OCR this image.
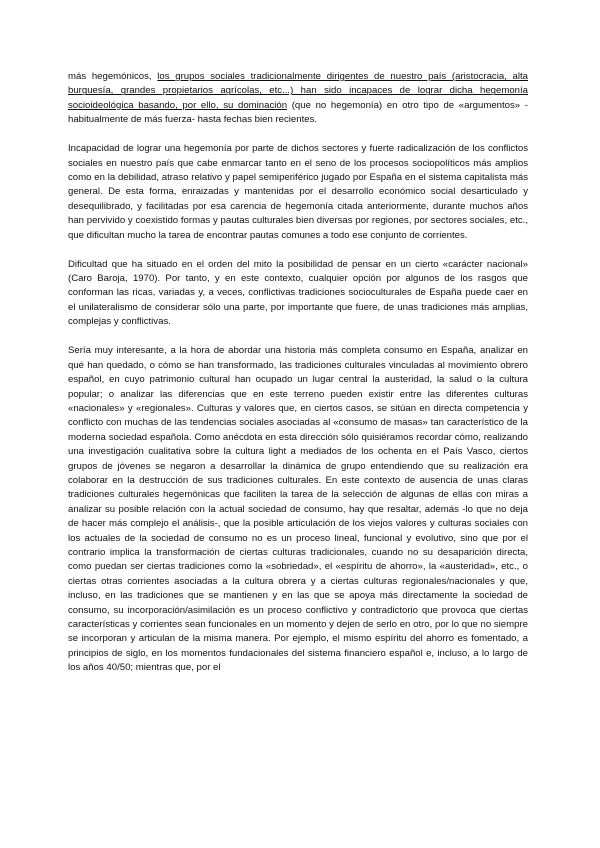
más hegemónicos, los grupos sociales tradicionalmente dirigentes de nuestro país (aristocracia, alta burguesía, grandes propietarios agrícolas, etc...) han sido incapaces de lograr dicha hegemonía socioideológica basando, por ello, su dominación (que no hegemonía) en otro tipo de «argumentos» -habitualmente de más fuerza- hasta fechas bien recientes.

Incapacidad de lograr una hegemonía por parte de dichos sectores y fuerte radicalización de los conflictos sociales en nuestro país que cabe enmarcar tanto en el seno de los procesos sociopolíticos más amplios como en la debilidad, atraso relativo y papel semiperiférico jugado por España en el sistema capitalista más general. De esta forma, enraizadas y mantenidas por el desarrollo económico social desarticulado y desequilibrado, y facilitadas por esa carencia de hegemonía citada anteriormente, durante muchos años han pervivido y coexistido formas y pautas culturales bien diversas por regiones, por sectores sociales, etc., que dificultan mucho la tarea de encontrar pautas comunes a todo ese conjunto de corrientes.

Dificultad que ha situado en el orden del mito la posibilidad de pensar en un cierto «carácter nacional» (Caro Baroja, 1970). Por tanto, y en este contexto, cualquier opción por algunos de los rasgos que conforman las ricas, variadas y, a veces, conflictivas tradiciones socioculturales de España puede caer en el unilateralismo de considerar sólo una parte, por importante que fuere, de unas tradiciones más amplias, complejas y conflictivas.

Sería muy interesante, a la hora de abordar una historia más completa consumo en España, analizar en qué han quedado, o cómo se han transformado, las tradiciones culturales vinculadas al movimiento obrero español, en cuyo patrimonio cultural han ocupado un lugar central la austeridad, la salud o la cultura popular; o analizar las diferencias que en este terreno pueden existir entre las diferentes culturas «nacionales» y «regionales». Culturas y valores que, en ciertos casos, se sitúan en directa competencia y conflicto con muchas de las tendencias sociales asociadas al «consumo de masas» tan característico de la moderna sociedad española. Como anécdota en esta dirección sólo quisiéramos recordar cómo, realizando una investigación cualitativa sobre la cultura light a mediados de los ochenta en el País Vasco, ciertos grupos de jóvenes se negaron a desarrollar la dinámica de grupo entendiendo que su realización era colaborar en la destrucción de sus tradiciones culturales. En este contexto de ausencia de unas claras tradiciones culturales hegemónicas que faciliten la tarea de la selección de algunas de ellas con miras a analizar su posible relación con la actual sociedad de consumo, hay que resaltar, además -lo que no deja de hacer más complejo el análisis-, que la posible articulación de los viejos valores y culturas sociales con los actuales de la sociedad de consumo no es un proceso lineal, funcional y evolutivo, sino que por el contrario implica la transformación de ciertas culturas tradicionales, cuando no su desaparición directa, como puedan ser ciertas tradiciones como la «sobriedad», el «espíritu de ahorro», la «austeridad», etc., o ciertas otras corrientes asociadas a la cultura obrera y a ciertas culturas regionales/nacionales y que, incluso, en las tradiciones que se mantienen y en las que se apoya más directamente la sociedad de consumo, su incorporación/asimilación es un proceso conflictivo y contradictorio que provoca que ciertas características y corrientes sean funcionales en un momento y dejen de serlo en otro, por lo que no siempre se incorporan y articulan de la misma manera. Por ejemplo, el mismo espíritu del ahorro es fomentado, a principios de siglo, en los momentos fundacionales del sistema financiero español e, incluso, a lo largo de los años 40/50; mientras que, por el
